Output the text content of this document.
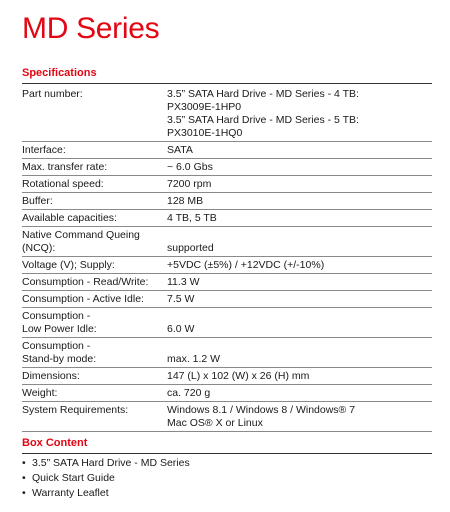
MD Series
Specifications
Part number:	3.5” SATA Hard Drive - MD Series - 4 TB:
PX3009E-1HP0
3.5” SATA Hard Drive - MD Series - 5 TB:
PX3010E-1HQ0
Interface:	SATA
Max. transfer rate:	~ 6.0 Gbs
Rotational speed:	7200 rpm
Buffer:	128 MB
Available capacities:	4 TB, 5 TB
Native Command Queing
(NCQ):	supported
Voltage (V); Supply:	+5VDC (±5%) / +12VDC (+/-10%)
Consumption - Read/Write:	11.3 W
Consumption - Active Idle:	7.5 W
Consumption -
Low Power Idle:	6.0 W
Consumption -
Stand-by mode:	max. 1.2 W
Dimensions:	147 (L) x 102 (W) x 26 (H) mm
Weight:	ca. 720 g
System Requirements:	Windows 8.1 / Windows 8 / Windows® 7
Mac OS® X or Linux
Box Content
• 3.5” SATA Hard Drive - MD Series
• Quick Start Guide
• Warranty Leaflet
